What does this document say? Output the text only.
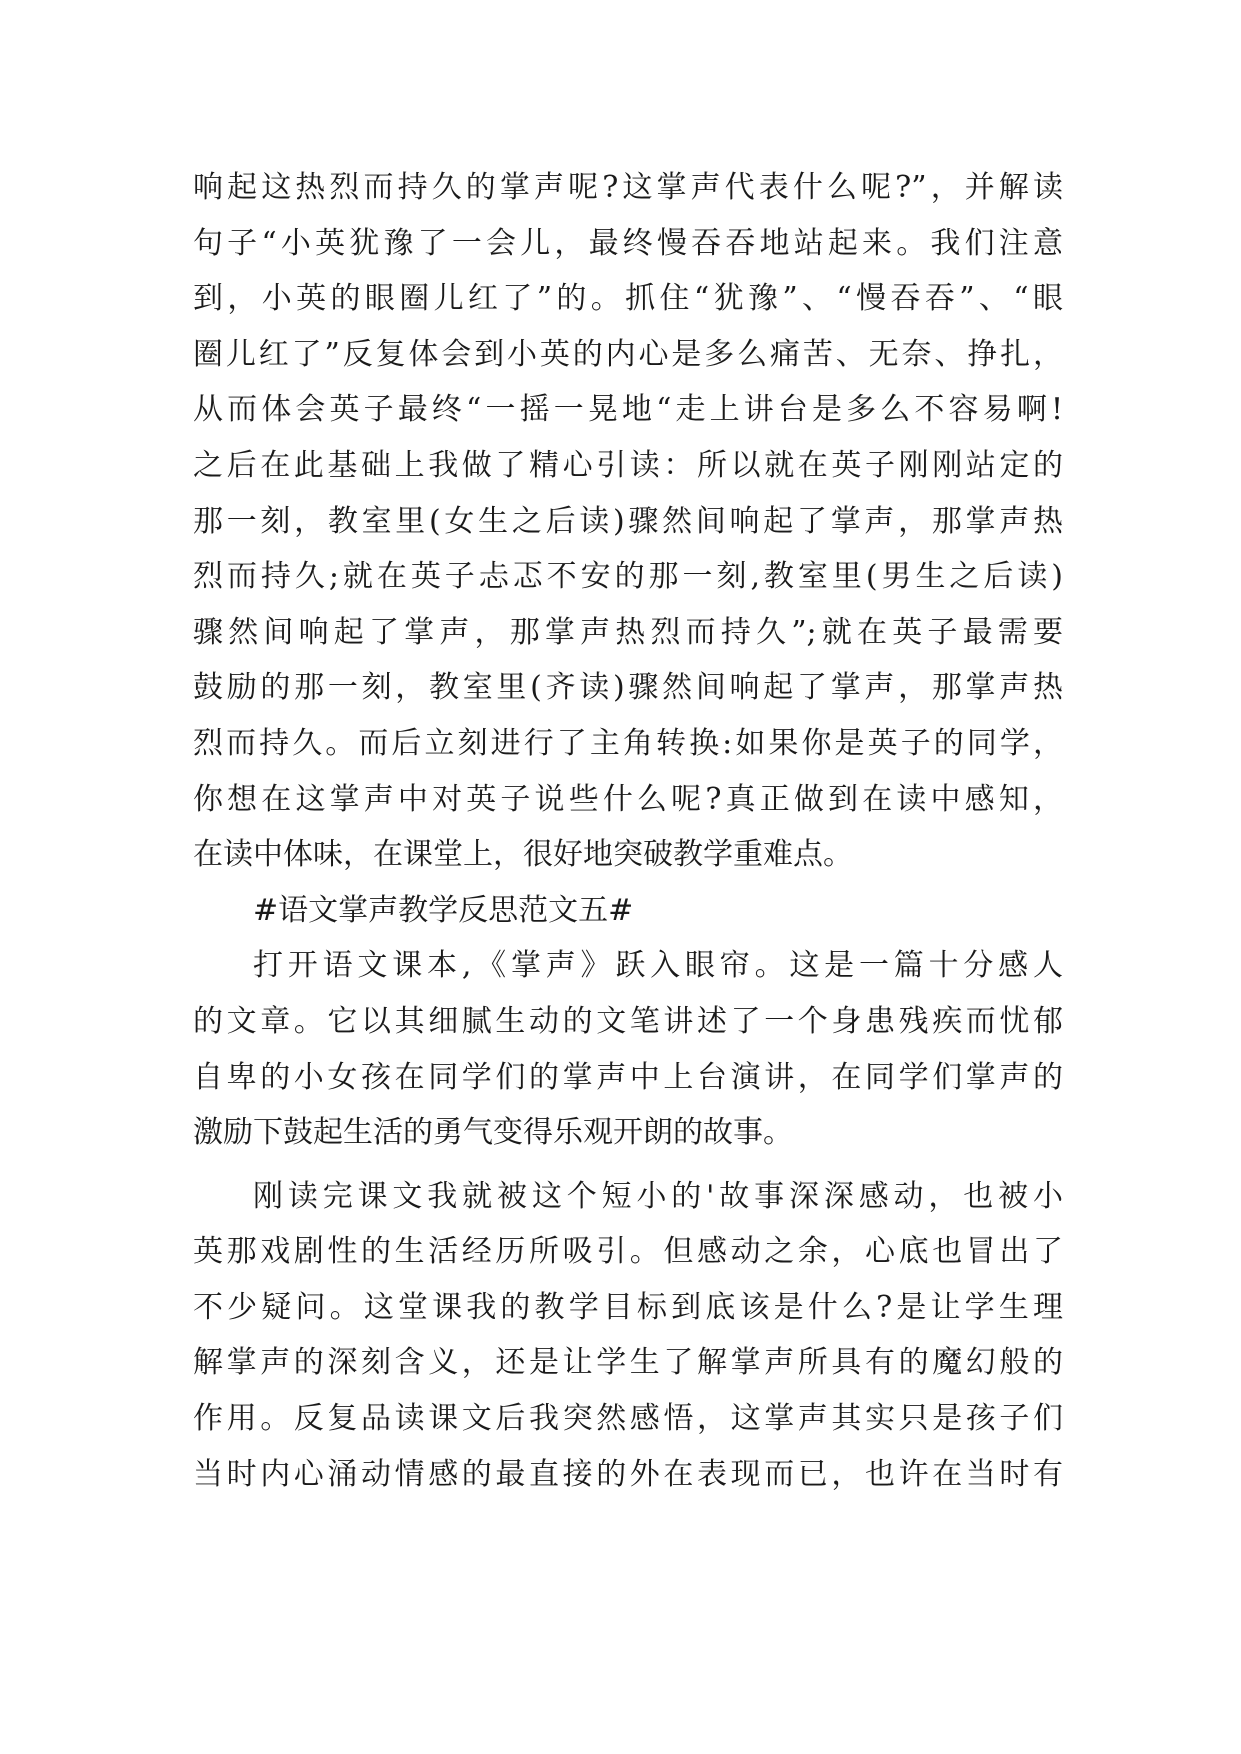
响起这热烈而持久的掌声呢?这掌声代表什么呢?”，并解读
句子“小英犹豫了一会儿，最终慢吞吞地站起来。我们注意
到，小英的眼圈儿红了”的。抓住“犹豫”、“慢吞吞”、“眼
圈儿红了”反复体会到小英的内心是多么痛苦、无奈、挣扎，
从而体会英子最终“一摇一晃地“走上讲台是多么不容易啊!
之后在此基础上我做了精心引读：所以就在英子刚刚站定的
那一刻，教室里(女生之后读)骤然间响起了掌声，那掌声热
烈而持久;就在英子忐忑不安的那一刻,教室里(男生之后读)
骤然间响起了掌声，那掌声热烈而持久”;就在英子最需要
鼓励的那一刻，教室里(齐读)骤然间响起了掌声，那掌声热
烈而持久。而后立刻进行了主角转换:如果你是英子的同学，
你想在这掌声中对英子说些什么呢?真正做到在读中感知，
在读中体味，在课堂上，很好地突破教学重难点。
#语文掌声教学反思范文五#
打开语文课本,《掌声》跃入眼帘。这是一篇十分感人
的文章。它以其细腻生动的文笔讲述了一个身患残疾而忧郁
自卑的小女孩在同学们的掌声中上台演讲，在同学们掌声的
激励下鼓起生活的勇气变得乐观开朗的故事。
刚读完课文我就被这个短小的'故事深深感动，也被小
英那戏剧性的生活经历所吸引。但感动之余，心底也冒出了
不少疑问。这堂课我的教学目标到底该是什么?是让学生理
解掌声的深刻含义，还是让学生了解掌声所具有的魔幻般的
作用。反复品读课文后我突然感悟，这掌声其实只是孩子们
当时内心涌动情感的最直接的外在表现而已，也许在当时有
